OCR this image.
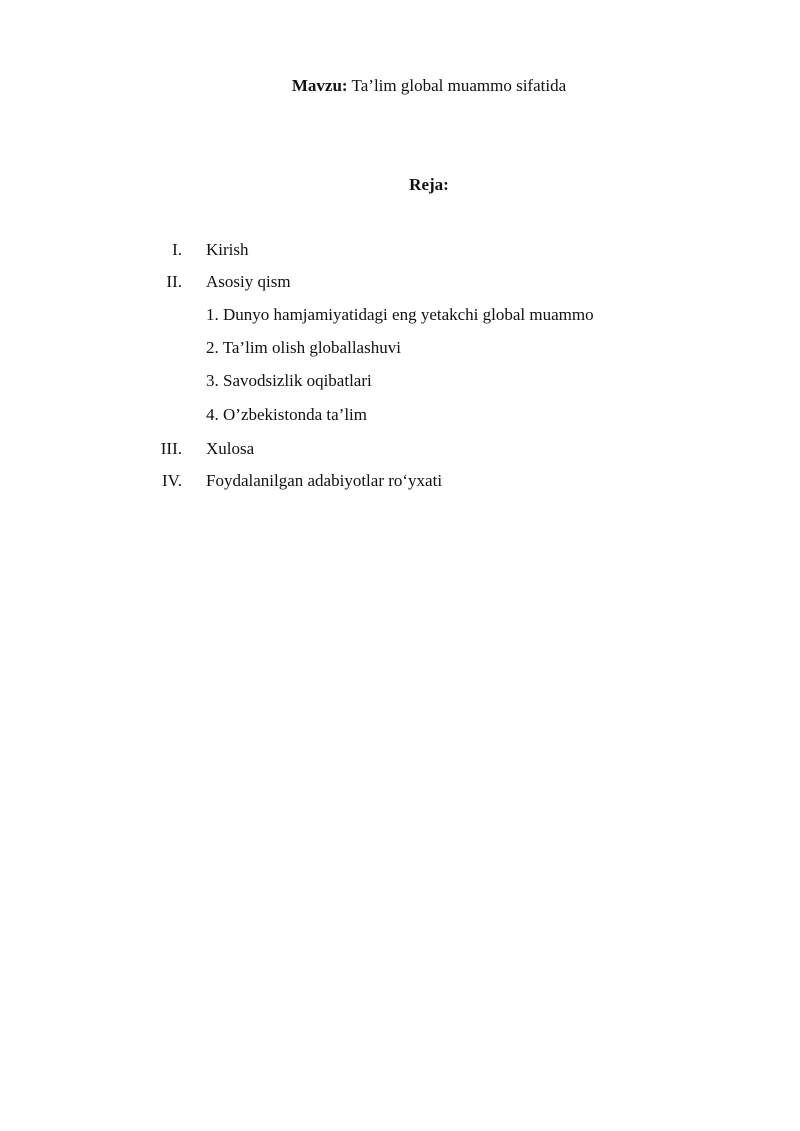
Mavzu: Ta’lim global muammo sifatida
Reja:
I. Kirish
II. Asosiy qism
1. Dunyo hamjamiyatidagi eng yetakchi global muammo
2. Ta’lim olish globallashuvi
3. Savodsizlik oqibatlari
4. O’zbekistonda ta’lim
III. Xulosa
IV. Foydalanilgan adabiyotlar ro‘yxati
